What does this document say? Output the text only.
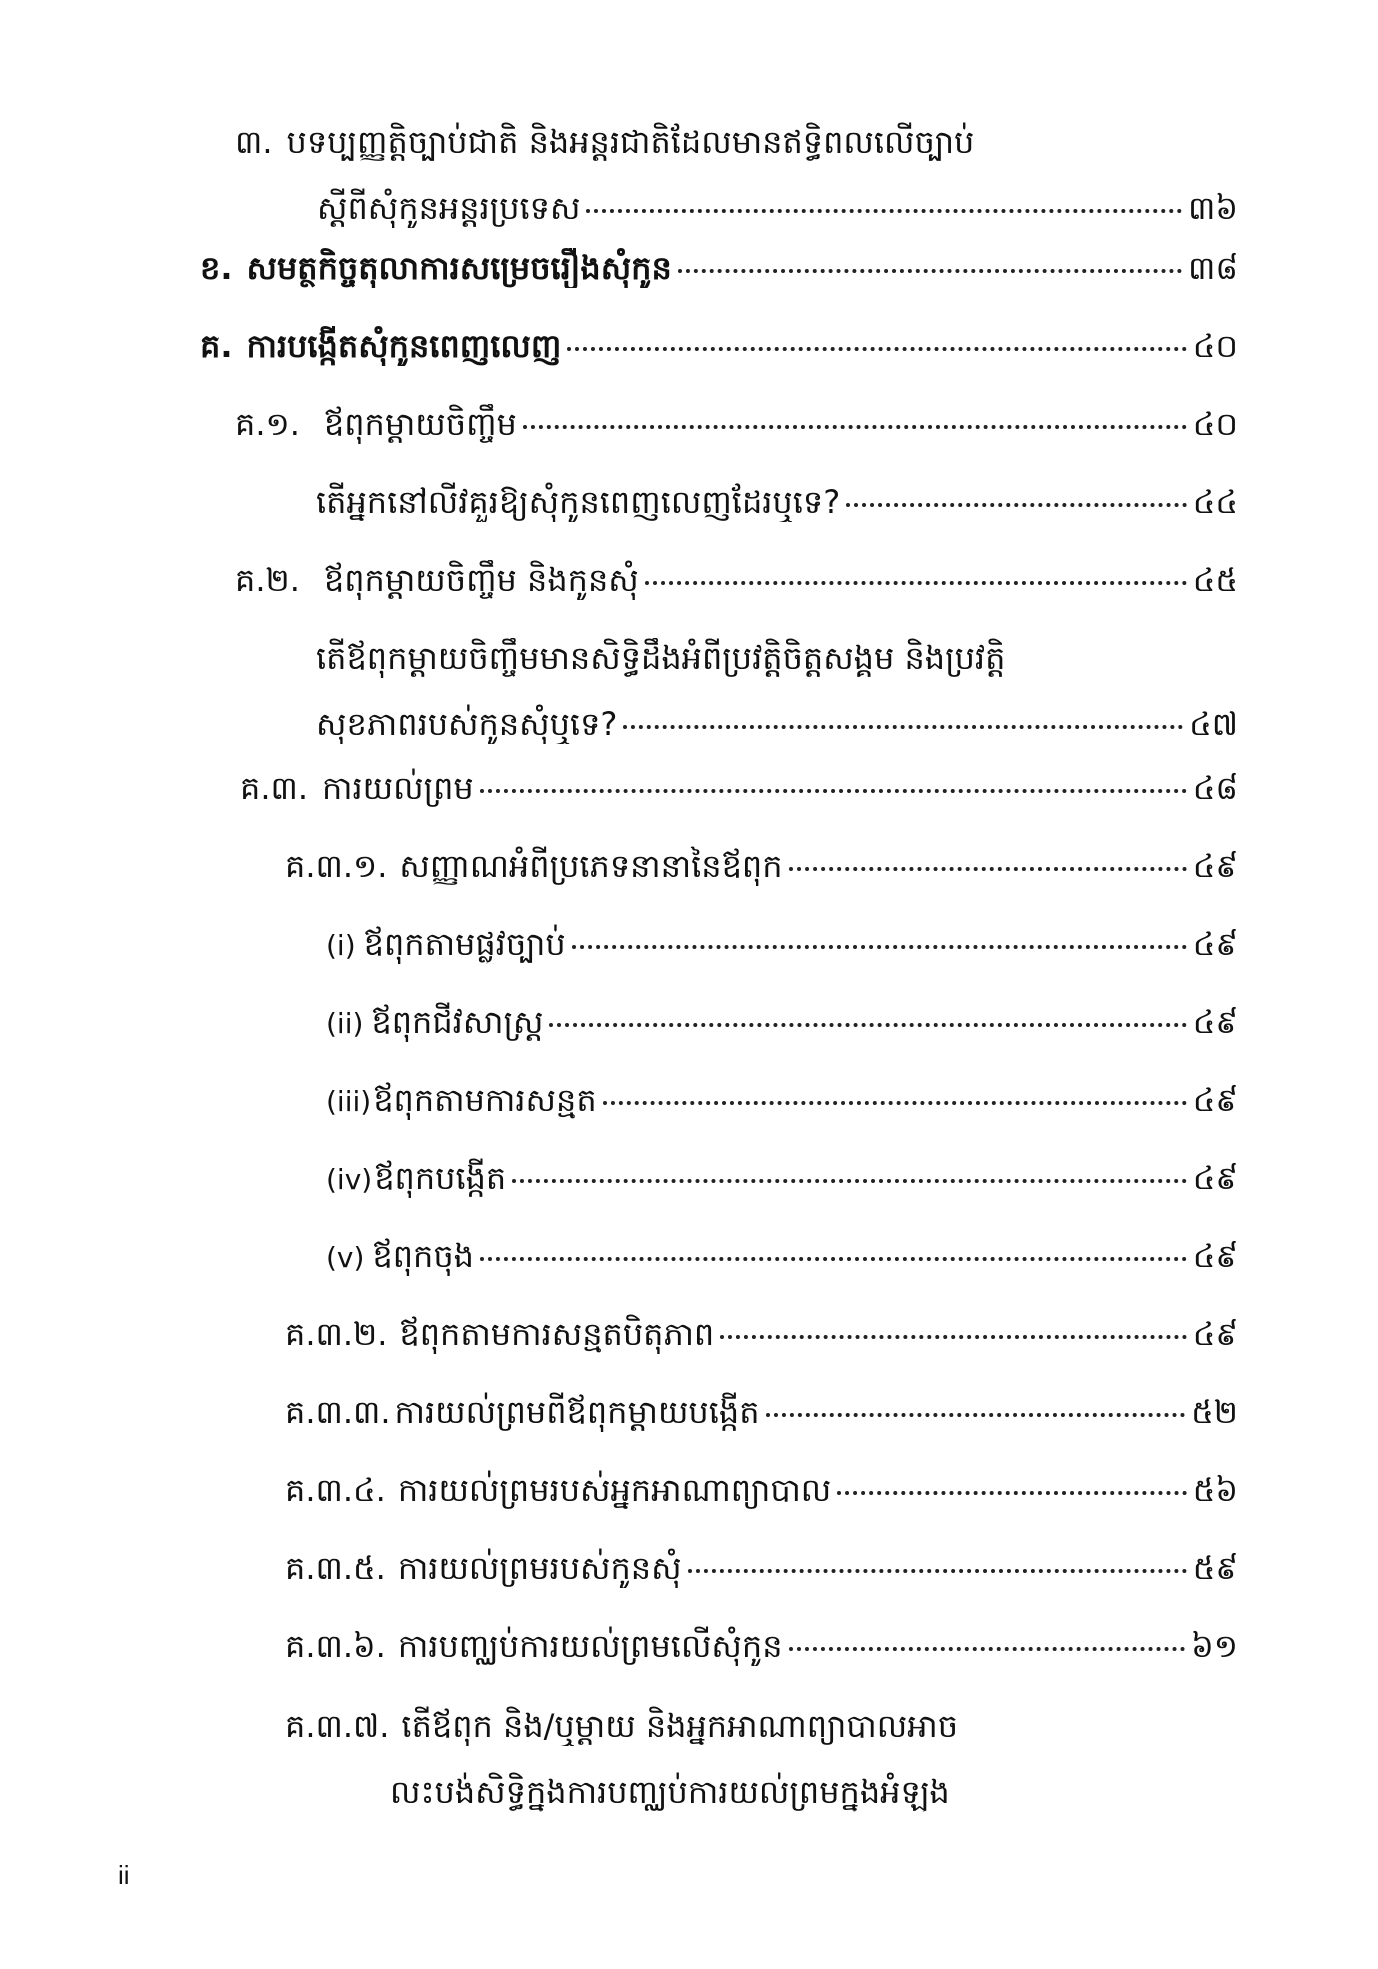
៣. បទប្បញ្ញត្តិច្បាប់ជាតិ និងអន្តរជាតិដែលមានឥទ្ធិពលលើច្បាប់
ស្តីពីសុំកូនអន្តរប្រទេស	៣៦
ខ. សមត្ថកិច្ចតុលាការសម្រេចរឿងសុំកូន	៣៨
គ. ការបង្កើតសុំកូនពេញលេញ	៤០
គ.១. ឪពុកម្តាយចិញ្ចឹម	៤០
តើអ្នកនៅលីវគួរឱ្យសុំកូនពេញលេញដែរឬទេ?	៤៤
គ.២. ឪពុកម្តាយចិញ្ចឹម និងកូនសុំ	៤៥
តើឪពុកម្តាយចិញ្ចឹមមានសិទ្ធិដឹងអំពីប្រវត្តិចិត្តសង្គម និងប្រវត្តិ
សុខភាពរបស់កូនសុំឬទេ?	៤៧
គ.៣. ការយល់ព្រម	៤៨
គ.៣.១. សញ្ញាណអំពីប្រភេទនានានៃឪពុក	៤៩
(i) ឪពុកតាមផ្លូវច្បាប់	៤៩
(ii) ឪពុកជីវសាស្ត្រ	៤៩
(iii) ឪពុកតាមការសន្មត	៤៩
(iv) ឪពុកបង្កើត	៤៩
(v) ឪពុកចុង	៤៩
គ.៣.២. ឪពុកតាមការសន្មតបិតុភាព	៤៩
គ.៣.៣. ការយល់ព្រមពីឪពុកម្តាយបង្កើត	៥២
គ.៣.៤. ការយល់ព្រមរបស់អ្នកអាណាព្យាបាល	៥៦
គ.៣.៥. ការយល់ព្រមរបស់កូនសុំ	៥៩
គ.៣.៦. ការបញ្ឈប់ការយល់ព្រមលើសុំកូន	៦១
គ.៣.៧. តើឪពុក និង/ឬម្តាយ និងអ្នកអាណាព្យាបាលអាច
លះបង់សិទ្ធិក្នុងការបញ្ឈប់ការយល់ព្រមក្នុងអំឡុង
ii
